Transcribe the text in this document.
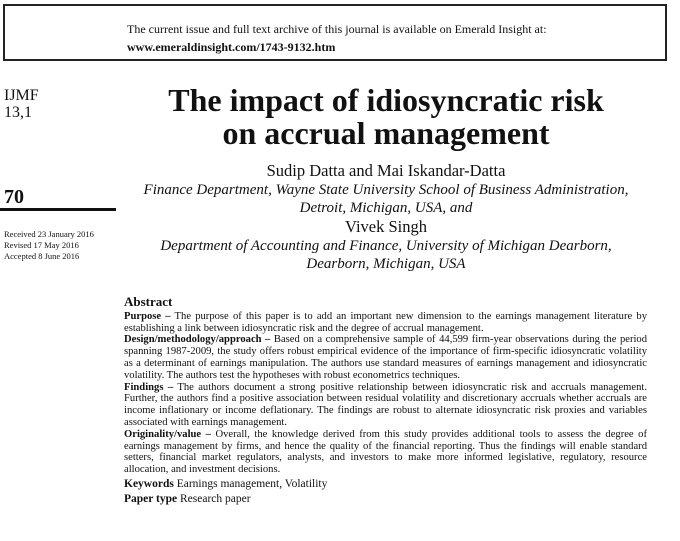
The current issue and full text archive of this journal is available on Emerald Insight at:
www.emeraldinsight.com/1743-9132.htm
IJMF
13,1
70
Received 23 January 2016
Revised 17 May 2016
Accepted 8 June 2016
The impact of idiosyncratic risk
on accrual management
Sudip Datta and Mai Iskandar-Datta
Finance Department, Wayne State University School of Business Administration,
Detroit, Michigan, USA, and
Vivek Singh
Department of Accounting and Finance, University of Michigan Dearborn,
Dearborn, Michigan, USA
Abstract

Purpose – The purpose of this paper is to add an important new dimension to the earnings management literature by establishing a link between idiosyncratic risk and the degree of accrual management.

Design/methodology/approach – Based on a comprehensive sample of 44,599 firm-year observations during the period spanning 1987-2009, the study offers robust empirical evidence of the importance of firm-specific idiosyncratic volatility as a determinant of earnings manipulation. The authors use standard measures of earnings management and idiosyncratic volatility. The authors test the hypotheses with robust econometrics techniques.

Findings – The authors document a strong positive relationship between idiosyncratic risk and accruals management. Further, the authors find a positive association between residual volatility and discretionary accruals whether accruals are income inflationary or income deflationary. The findings are robust to alternate idiosyncratic risk proxies and variables associated with earnings management.

Originality/value – Overall, the knowledge derived from this study provides additional tools to assess the degree of earnings management by firms, and hence the quality of the financial reporting. Thus the findings will enable standard setters, financial market regulators, analysts, and investors to make more informed legislative, regulatory, resource allocation, and investment decisions.

Keywords Earnings management, Volatility
Paper type Research paper
